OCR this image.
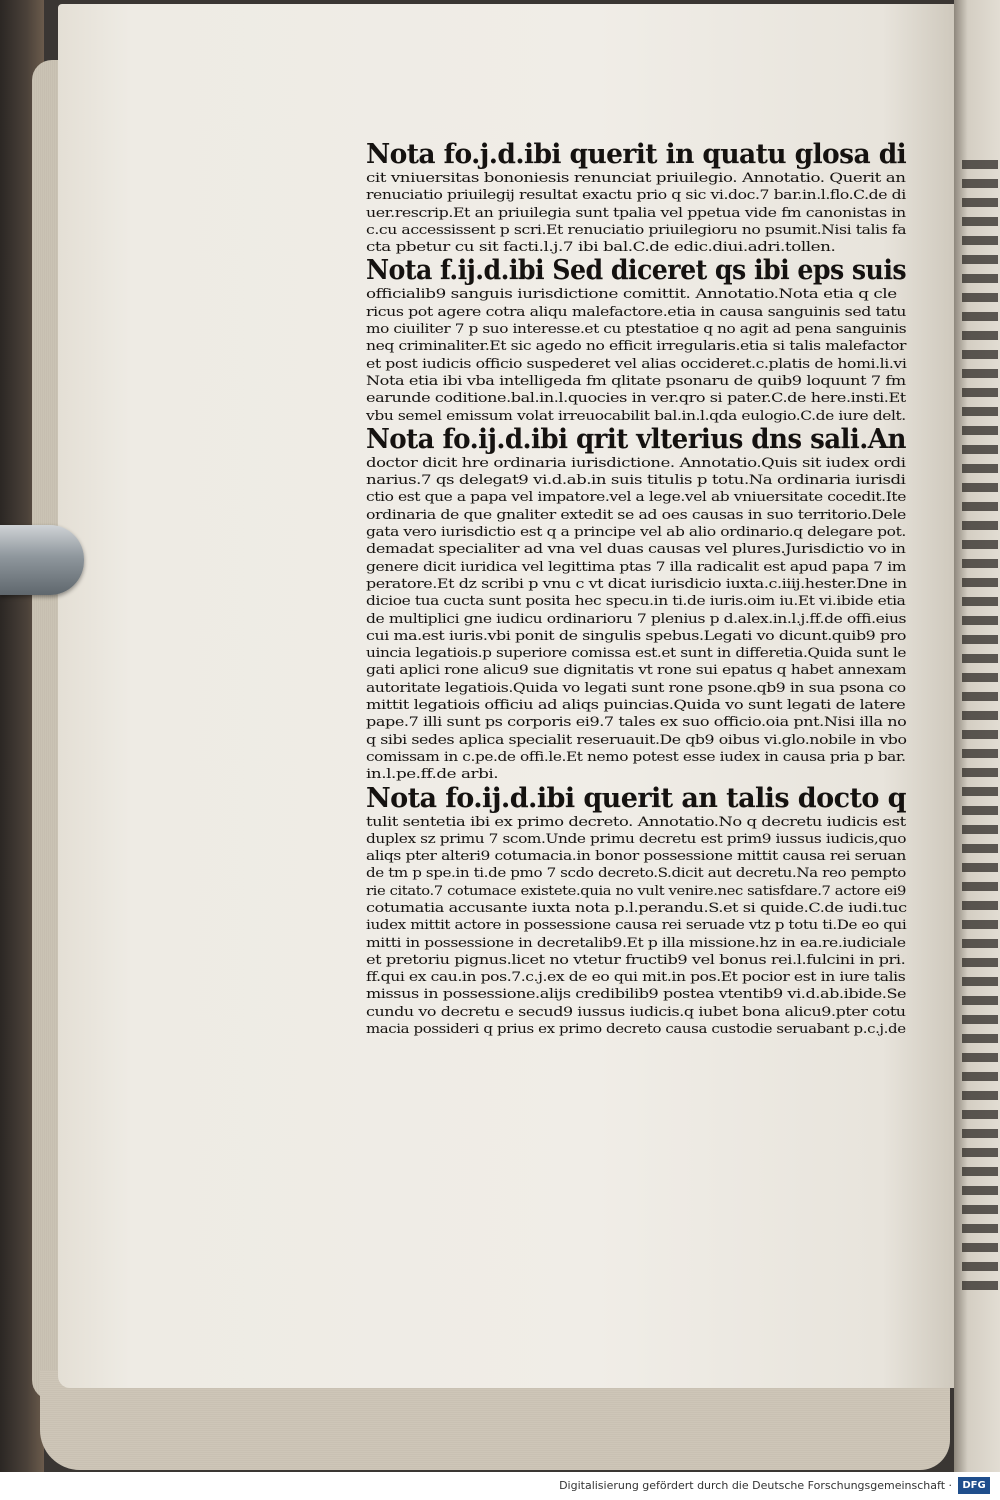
Nota fo.j.d.ibi querit in quatu glosa di
cit vniuersitas bononiesis renunciat priuilegio. Annotatio. Querit an
renuciatio priuilegij resultat exactu prio q sic vi.doc.7 bar.in.l.flo.C.de di
uer.rescrip.Et an priuilegia sunt tpalia vel ppetua vide fm canonistas in
c.cu accessissent p scri.Et renuciatio priuilegioru no psumit.Nisi talis fa
cta pbetur cu sit facti.l.j.7 ibi bal.C.de edic.diui.adri.tollen.
Nota f.ij.d.ibi Sed diceret qs ibi eps suis
officialib9 sanguis iurisdictione comittit. Annotatio.Nota etia q cle
ricus pot agere cotra aliqu malefactore.etia in causa sanguinis sed tatu
mo ciuiliter 7 p suo interesse.et cu ptestatioe q no agit ad pena sanguinis
neq criminaliter.Et sic agedo no efficit irregularis.etia si talis malefactor
et post iudicis officio suspederet vel alias occideret.c.platis de homi.li.vi
Nota etia ibi vba intelligeda fm qlitate psonaru de quib9 loquunt 7 fm
earunde coditione.bal.in.l.quocies in ver.qro si pater.C.de here.insti.Et
vbu semel emissum volat irreuocabilit bal.in.l.qda eulogio.C.de iure delt.
Nota fo.ij.d.ibi qrit vlterius dns sali.An
doctor dicit hre ordinaria iurisdictione. Annotatio.Quis sit iudex ordi
narius.7 qs delegat9 vi.d.ab.in suis titulis p totu.Na ordinaria iurisdi
ctio est que a papa vel impatore.vel a lege.vel ab vniuersitate cocedit.Ite
ordinaria de que gnaliter extedit se ad oes causas in suo territorio.Dele
gata vero iurisdictio est q a principe vel ab alio ordinario.q delegare pot.
demadat specialiter ad vna vel duas causas vel plures.Jurisdictio vo in
genere dicit iuridica vel legittima ptas 7 illa radicalit est apud papa 7 im
peratore.Et dz scribi p vnu c vt dicat iurisdicio iuxta.c.iiij.hester.Dne in
dicioe tua cucta sunt posita hec specu.in ti.de iuris.oim iu.Et vi.ibide etia
de multiplici gne iudicu ordinarioru 7 plenius p d.alex.in.l.j.ff.de offi.eius
cui ma.est iuris.vbi ponit de singulis spebus.Legati vo dicunt.quib9 pro
uincia legatiois.p superiore comissa est.et sunt in differetia.Quida sunt le
gati aplici rone alicu9 sue dignitatis vt rone sui epatus q habet annexam
autoritate legatiois.Quida vo legati sunt rone psone.qb9 in sua psona co
mittit legatiois officiu ad aliqs puincias.Quida vo sunt legati de latere
pape.7 illi sunt ps corporis ei9.7 tales ex suo officio.oia pnt.Nisi illa no
q sibi sedes aplica specialit reseruauit.De qb9 oibus vi.glo.nobile in vbo
comissam in c.pe.de offi.le.Et nemo potest esse iudex in causa pria p bar.
in.l.pe.ff.de arbi.
Nota fo.ij.d.ibi querit an talis docto q
tulit sentetia ibi ex primo decreto. Annotatio.No q decretu iudicis est
duplex sz primu 7 scom.Unde primu decretu est prim9 iussus iudicis,quo
aliqs pter alteri9 cotumacia.in bonor possessione mittit causa rei seruan
de tm p spe.in ti.de pmo 7 scdo decreto.S.dicit aut decretu.Na reo pempto
rie citato.7 cotumace existete.quia no vult venire.nec satisfdare.7 actore ei9
cotumatia accusante iuxta nota p.l.perandu.S.et si quide.C.de iudi.tuc
iudex mittit actore in possessione causa rei seruade vtz p totu ti.De eo qui
mitti in possessione in decretalib9.Et p illa missione.hz in ea.re.iudiciale
et pretoriu pignus.licet no vtetur fructib9 vel bonus rei.l.fulcini in pri.
ff.qui ex cau.in pos.7.c.j.ex de eo qui mit.in pos.Et pocior est in iure talis
missus in possessione.alijs credibilib9 postea vtentib9 vi.d.ab.ibide.Se
cundu vo decretu e secud9 iussus iudicis.q iubet bona alicu9.pter cotu
macia possideri q prius ex primo decreto causa custodie seruabant p.c.j.de
Digitalisierung gefördert durch die Deutsche Forschungsgemeinschaft ·	DFG
